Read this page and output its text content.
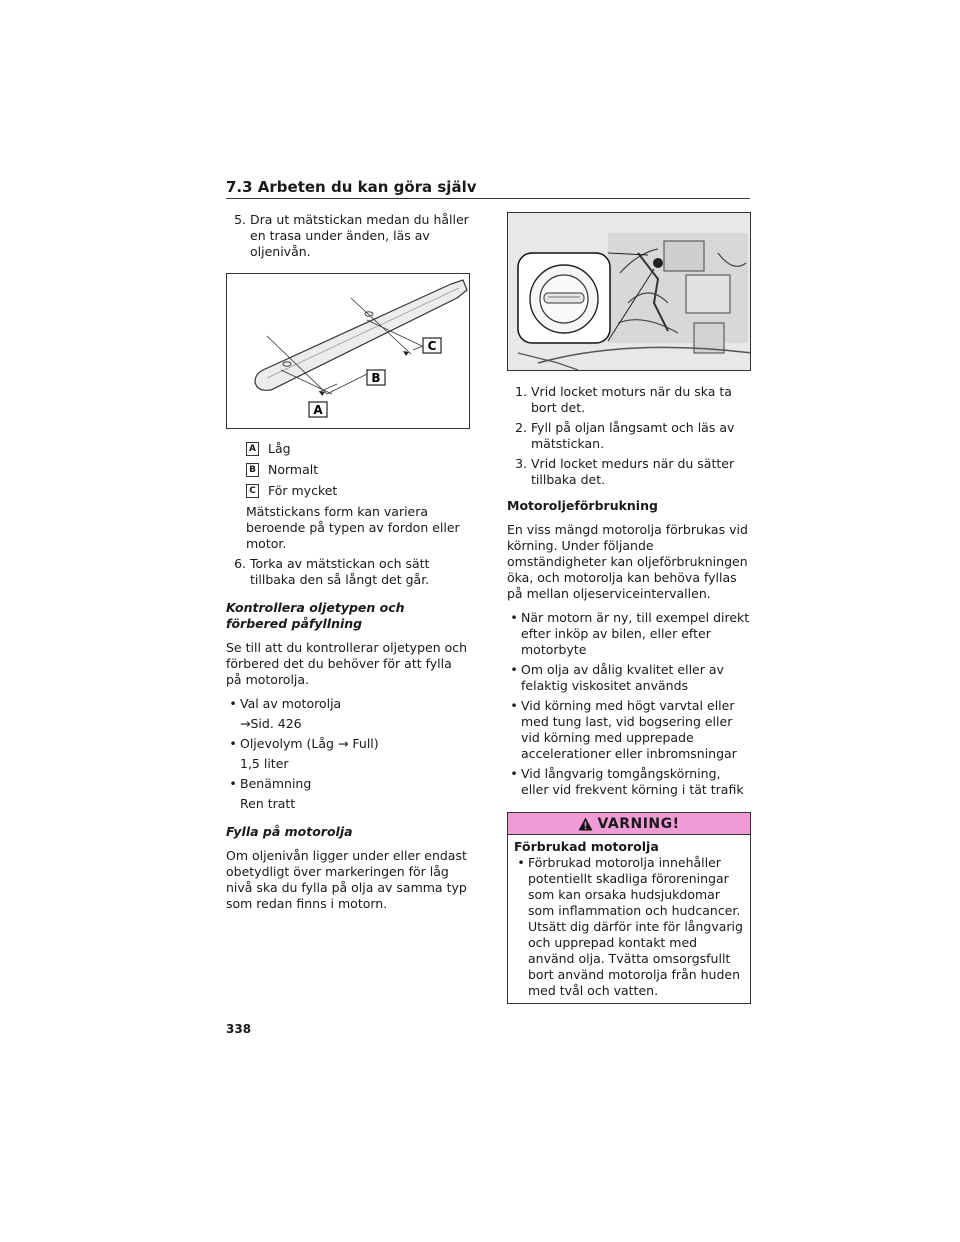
7.3 Arbeten du kan göra själv
5. Dra ut mätstickan medan du håller en trasa under änden, läs av oljenivån.
A
B
C
A Låg
B Normalt
C För mycket

Mätstickans form kan variera beroende på typen av fordon eller motor.

6. Torka av mätstickan och sätt tillbaka den så långt det går.

Kontrollera oljetypen och förbered påfyllning

Se till att du kontrollerar oljetypen och förbered det du behöver för att fylla på motorolja.

• Val av motorolja
→Sid. 426
• Oljevolym (Låg → Full)
1,5 liter
• Benämning
Ren tratt

Fylla på motorolja

Om oljenivån ligger under eller endast obetydligt över markeringen för låg nivå ska du fylla på olja av samma typ som redan finns i motorn.

1. Vrid locket moturs när du ska ta bort det.
2. Fyll på oljan långsamt och läs av mätstickan.
3. Vrid locket medurs när du sätter tillbaka det.

Motoroljeförbrukning

En viss mängd motorolja förbrukas vid körning. Under följande omständigheter kan oljeförbrukningen öka, och motorolja kan behöva fyllas på mellan oljeserviceintervallen.

• När motorn är ny, till exempel direkt efter inköp av bilen, eller efter motorbyte
• Om olja av dålig kvalitet eller av felaktig viskositet används
• Vid körning med högt varvtal eller med tung last, vid bogsering eller vid körning med upprepade accelerationer eller inbromsningar
• Vid långvarig tomgångskörning, eller vid frekvent körning i tät trafik
VARNING!

Förbrukad motorolja

• Förbrukad motorolja innehåller potentiellt skadliga föroreningar som kan orsaka hudsjukdomar som inflammation och hudcancer. Utsätt dig därför inte för långvarig och upprepad kontakt med använd olja. Tvätta omsorgsfullt bort använd motorolja från huden med tvål och vatten.
338
